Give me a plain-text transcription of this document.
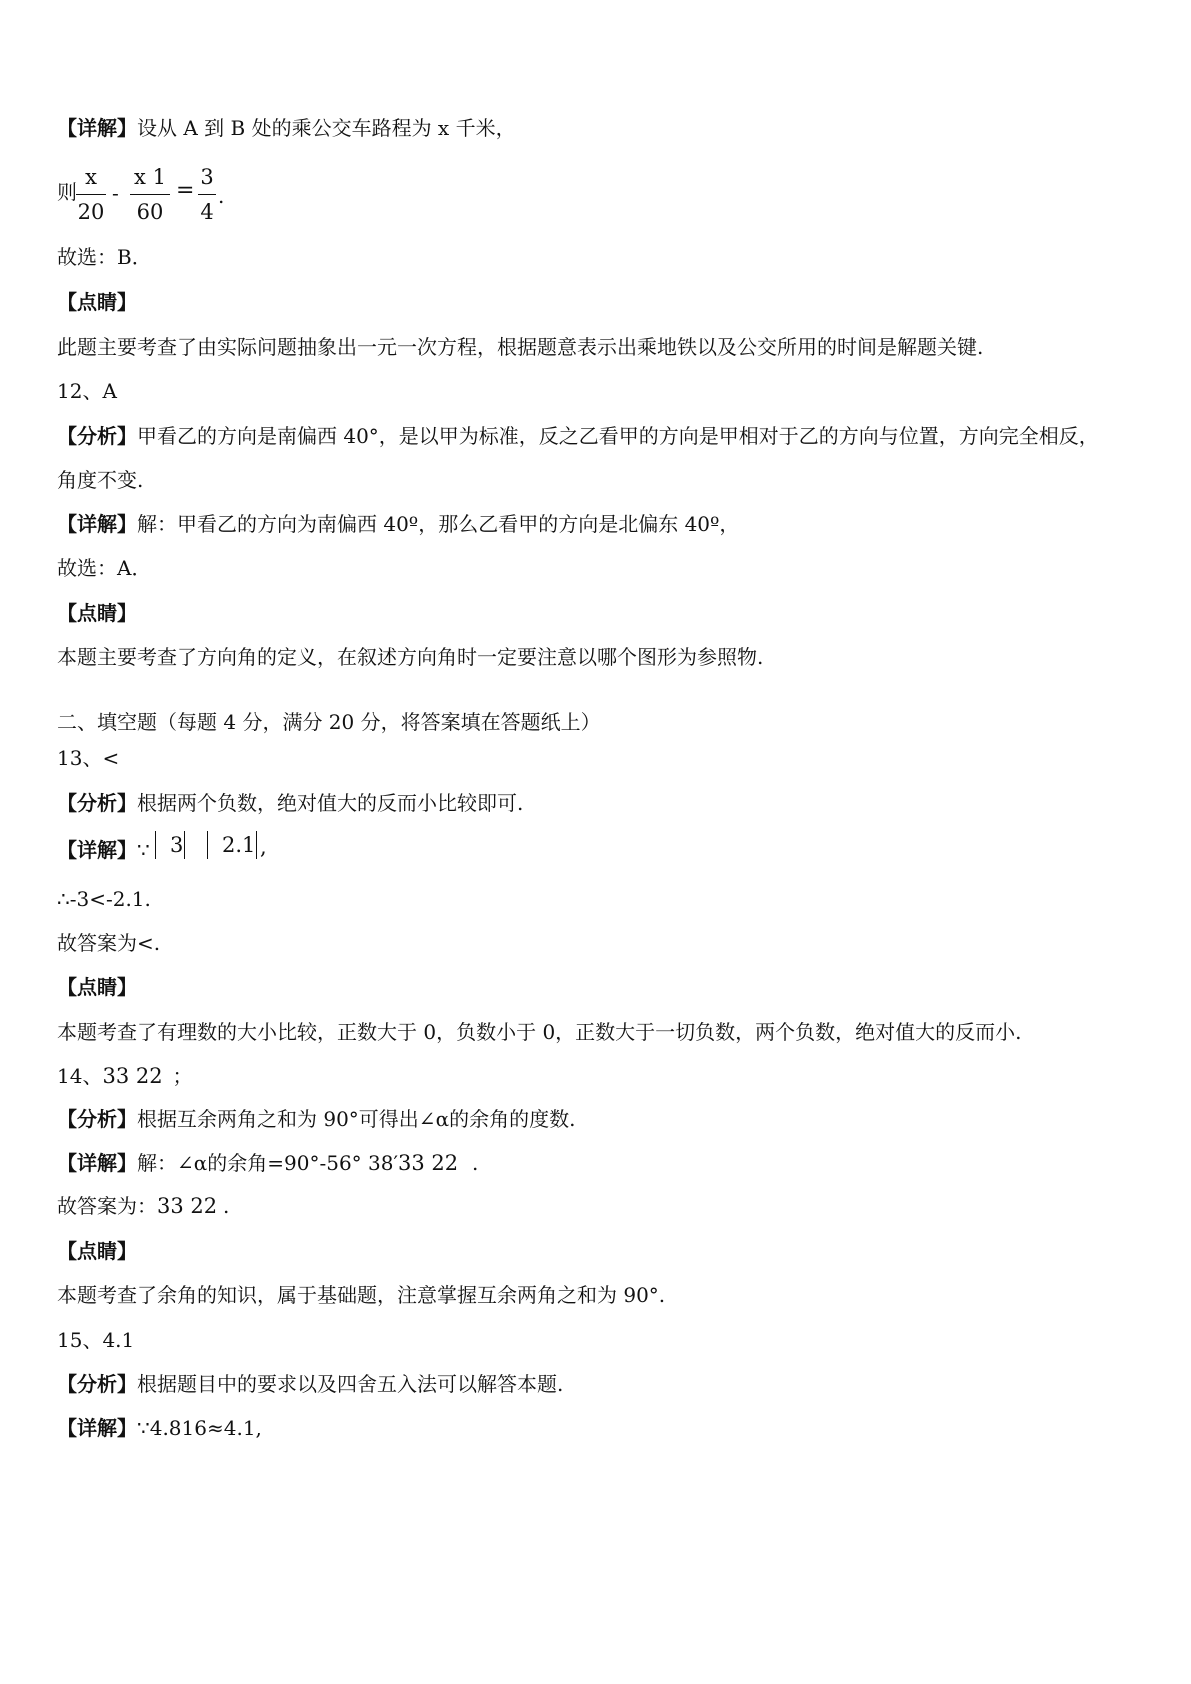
【详解】设从 A 到 B 处的乘公交车路程为 x 千米，
则
x
20
-
x 1
60
=
3
4
.
故选：B．
【点睛】
此题主要考查了由实际问题抽象出一元一次方程，根据题意表示出乘地铁以及公交所用的时间是解题关键.
12、A
【分析】甲看乙的方向是南偏西 40°，是以甲为标准，反之乙看甲的方向是甲相对于乙的方向与位置，方向完全相反，
角度不变.
【详解】解：甲看乙的方向为南偏西 40º，那么乙看甲的方向是北偏东 40º，
故选：A．
【点睛】
本题主要考查了方向角的定义，在叙述方向角时一定要注意以哪个图形为参照物.
二、填空题（每题 4 分，满分 20 分，将答案填在答题纸上）
13、<
【分析】根据两个负数，绝对值大的反而小比较即可.
【详解】∵ 3 2.1 ,
∴-3<-2.1.
故答案为<.
【点睛】
本题考查了有理数的大小比较，正数大于 0，负数小于 0，正数大于一切负数，两个负数，绝对值大的反而小.
14、33 22 ；
【分析】根据互余两角之和为 90°可得出∠α的余角的度数.
【详解】解：∠α的余角=90°-56° 38′33 22 .
故答案为：33 22 .
【点睛】
本题考查了余角的知识，属于基础题，注意掌握互余两角之和为 90°.
15、4.1
【分析】根据题目中的要求以及四舍五入法可以解答本题.
【详解】∵4.816≈4.1,
